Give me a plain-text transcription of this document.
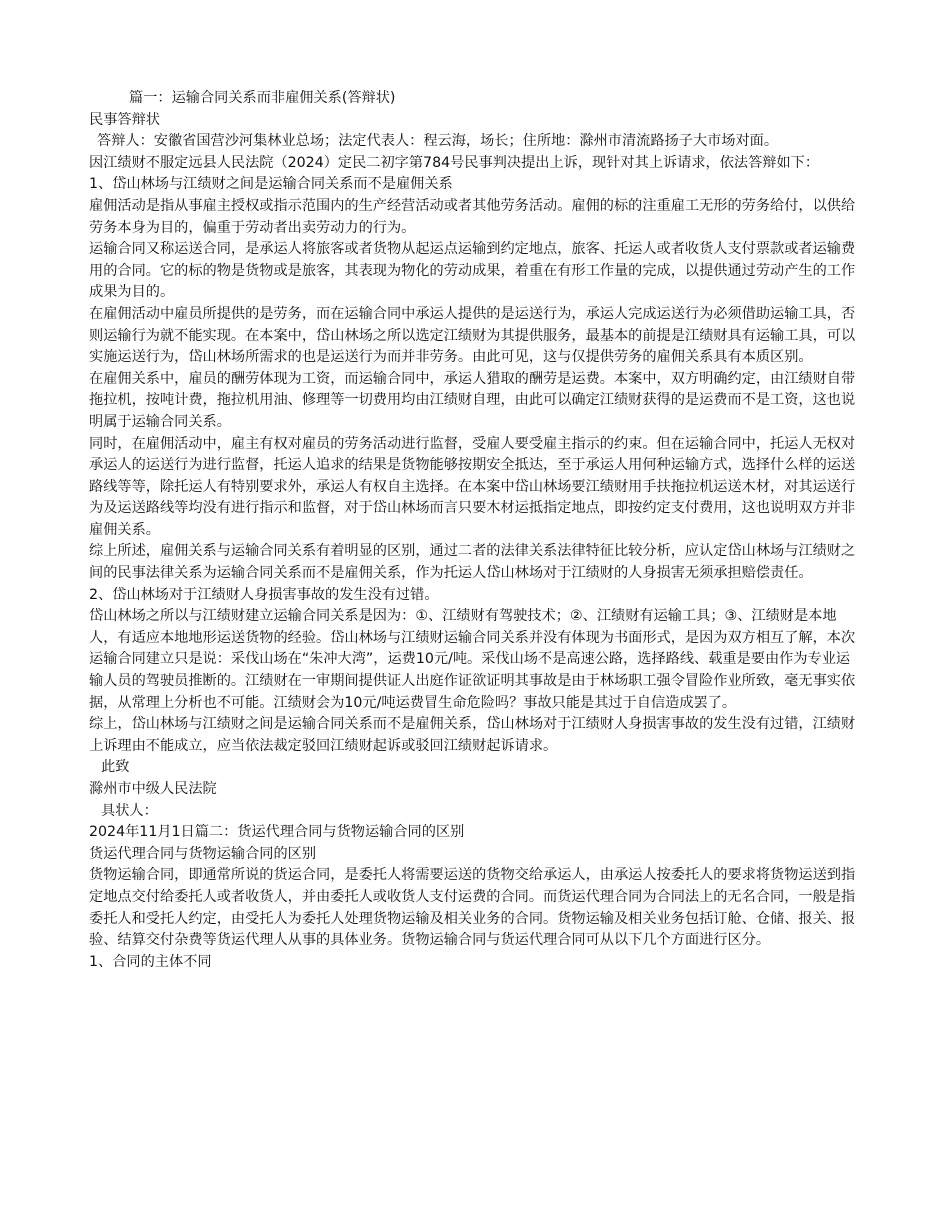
篇一：运输合同关系而非雇佣关系(答辩状)

民事答辩状

答辩人：安徽省国营沙河集林业总场；法定代表人：程云海，场长；住所地：滁州市清流路扬子大市场对面。

因江绩财不服定远县人民法院（2024）定民二初字第784号民事判决提出上诉，现针对其上诉请求，依法答辩如下：

1、岱山林场与江绩财之间是运输合同关系而不是雇佣关系

雇佣活动是指从事雇主授权或指示范围内的生产经营活动或者其他劳务活动。雇佣的标的注重雇工无形的劳务给付，以供给劳务本身为目的，偏重于劳动者出卖劳动力的行为。

运输合同又称运送合同，是承运人将旅客或者货物从起运点运输到约定地点，旅客、托运人或者收货人支付票款或者运输费用的合同。它的标的物是货物或是旅客，其表现为物化的劳动成果，着重在有形工作量的完成，以提供通过劳动产生的工作成果为目的。

在雇佣活动中雇员所提供的是劳务，而在运输合同中承运人提供的是运送行为，承运人完成运送行为必须借助运输工具，否则运输行为就不能实现。在本案中，岱山林场之所以选定江绩财为其提供服务，最基本的前提是江绩财具有运输工具，可以实施运送行为，岱山林场所需求的也是运送行为而并非劳务。由此可见，这与仅提供劳务的雇佣关系具有本质区别。

在雇佣关系中，雇员的酬劳体现为工资，而运输合同中，承运人猎取的酬劳是运费。本案中，双方明确约定，由江绩财自带拖拉机，按吨计费，拖拉机用油、修理等一切费用均由江绩财自理，由此可以确定江绩财获得的是运费而不是工资，这也说明属于运输合同关系。

同时，在雇佣活动中，雇主有权对雇员的劳务活动进行监督，受雇人要受雇主指示的约束。但在运输合同中，托运人无权对承运人的运送行为进行监督，托运人追求的结果是货物能够按期安全抵达，至于承运人用何种运输方式，选择什么样的运送路线等等，除托运人有特别要求外，承运人有权自主选择。在本案中岱山林场要江绩财用手扶拖拉机运送木材，对其运送行为及运送路线等均没有进行指示和监督，对于岱山林场而言只要木材运抵指定地点，即按约定支付费用，这也说明双方并非雇佣关系。

综上所述，雇佣关系与运输合同关系有着明显的区别，通过二者的法律关系法律特征比较分析，应认定岱山林场与江绩财之间的民事法律关系为运输合同关系而不是雇佣关系，作为托运人岱山林场对于江绩财的人身损害无须承担赔偿责任。

2、岱山林场对于江绩财人身损害事故的发生没有过错。

岱山林场之所以与江绩财建立运输合同关系是因为：①、江绩财有驾驶技术；②、江绩财有运输工具；③、江绩财是本地人，有适应本地地形运送货物的经验。岱山林场与江绩财运输合同关系并没有体现为书面形式，是因为双方相互了解，本次运输合同建立只是说：采伐山场在“朱冲大湾”，运费10元/吨。采伐山场不是高速公路，选择路线、载重是要由作为专业运输人员的驾驶员推断的。江绩财在一审期间提供证人出庭作证欲证明其事故是由于林场职工强令冒险作业所致，毫无事实依据，从常理上分析也不可能。江绩财会为10元/吨运费冒生命危险吗？事故只能是其过于自信造成罢了。

综上，岱山林场与江绩财之间是运输合同关系而不是雇佣关系，岱山林场对于江绩财人身损害事故的发生没有过错，江绩财上诉理由不能成立，应当依法裁定驳回江绩财起诉或驳回江绩财起诉请求。

此致

滁州市中级人民法院

具状人：

2024年11月1日篇二：货运代理合同与货物运输合同的区别

货运代理合同与货物运输合同的区别

货物运输合同，即通常所说的货运合同，是委托人将需要运送的货物交给承运人，由承运人按委托人的要求将货物运送到指定地点交付给委托人或者收货人，并由委托人或收货人支付运费的合同。而货运代理合同为合同法上的无名合同，一般是指委托人和受托人约定，由受托人为委托人处理货物运输及相关业务的合同。货物运输及相关业务包括订舱、仓储、报关、报验、结算交付杂费等货运代理人从事的具体业务。货物运输合同与货运代理合同可从以下几个方面进行区分。

1、合同的主体不同
